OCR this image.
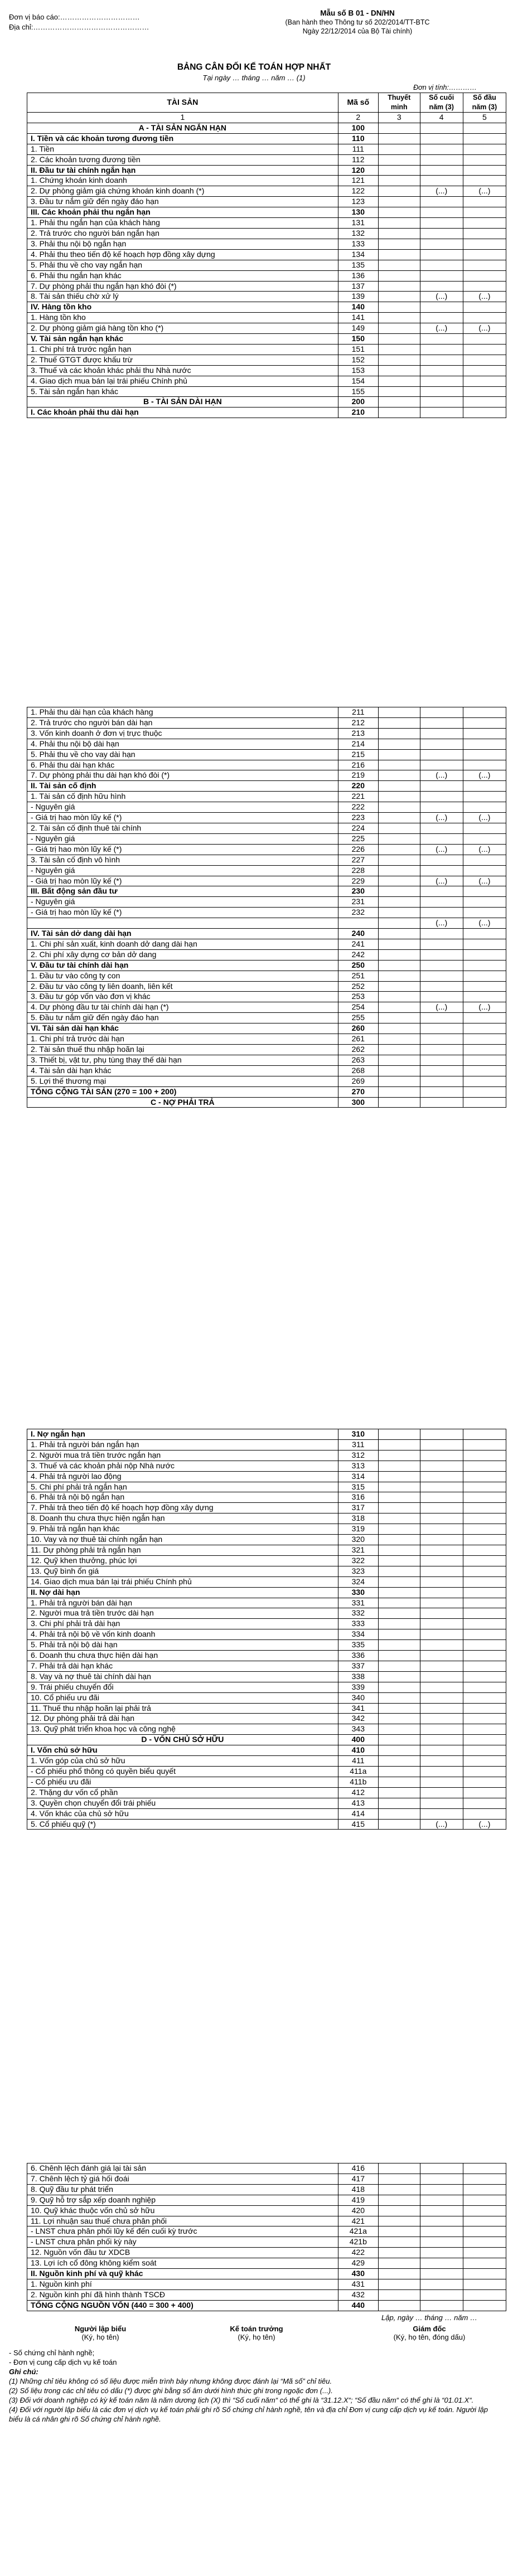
Đơn vị báo cáo:……………………………
Địa chỉ:…………………………………………
Mẫu số B 01 - DN/HN
(Ban hành theo Thông tư số 202/2014/TT-BTC
Ngày 22/12/2014 của Bộ Tài chính)
BẢNG CÂN ĐỐI KẾ TOÁN HỢP NHẤT
Tại ngày … tháng … năm … (1)
Đơn vị tính:…………
TÀI SẢN	Mã số	Thuyết	Số cuối	Số đầu
		minh	năm (3)	năm (3)
1	2	3	4	5
A - TÀI SẢN NGẮN HẠN	100			
I. Tiền và các khoản tương đương tiền	110			
1. Tiền	111			
2. Các khoản tương đương tiền	112			
II. Đầu tư tài chính ngắn hạn	120			
1. Chứng khoán kinh doanh	121			
2. Dự phòng giảm giá chứng khoán kinh doanh (*)	122		(...)	(...)
3. Đầu tư nắm giữ đến ngày đáo hạn	123			
III. Các khoản phải thu ngắn hạn	130			
1. Phải thu ngắn hạn của khách hàng	131			
2. Trả trước cho người bán ngắn hạn	132			
3. Phải thu nội bộ ngắn hạn	133			
4. Phải thu theo tiến độ kế hoạch hợp đồng xây dựng	134			
5. Phải thu về cho vay ngắn hạn	135			
6. Phải thu ngắn hạn khác	136			
7. Dự phòng phải thu ngắn hạn khó đòi (*)	137			
8. Tài sản thiếu chờ xử lý	139		(...)	(...)
IV. Hàng tồn kho	140			
1. Hàng tồn kho	141			
2. Dự phòng giảm giá hàng tồn kho (*)	149		(...)	(...)
V. Tài sản ngắn hạn khác	150			
1. Chi phí trả trước ngắn hạn	151			
2. Thuế GTGT được khấu trừ	152			
3. Thuế và các khoản khác phải thu Nhà nước	153			
4. Giao dịch mua bán lại trái phiếu Chính phủ	154			
5. Tài sản ngắn hạn khác	155			
B - TÀI SẢN DÀI HẠN	200			
I. Các khoản phải thu dài hạn	210			
1. Phải thu dài hạn của khách hàng	211			
2. Trả trước cho người bán dài hạn	212			
3. Vốn kinh doanh ở đơn vị trực thuộc	213			
4. Phải thu nội bộ dài hạn	214			
5. Phải thu về cho vay dài hạn	215			
6. Phải thu dài hạn khác	216			
7. Dự phòng phải thu dài hạn khó đòi (*)	219		(...)	(...)
II. Tài sản cố định	220			
1. Tài sản cố định hữu hình	221			
- Nguyên giá	222			
- Giá trị hao mòn lũy kế (*)	223		(...)	(...)
2. Tài sản cố định thuê tài chính	224			
- Nguyên giá	225			
- Giá trị hao mòn lũy kế (*)	226		(...)	(...)
3. Tài sản cố định vô hình	227			
- Nguyên giá	228			
- Giá trị hao mòn lũy kế (*)	229		(...)	(...)
III. Bất động sản đầu tư	230			
- Nguyên giá	231			
- Giá trị hao mòn lũy kế (*)	232			
			(...)	(...)
IV. Tài sản dở dang dài hạn	240			
1. Chi phí sản xuất, kinh doanh dở dang dài hạn	241			
2. Chi phí xây dựng cơ bản dở dang	242			
V. Đầu tư tài chính dài hạn	250			
1. Đầu tư vào công ty con	251			
2. Đầu tư vào công ty liên doanh, liên kết	252			
3. Đầu tư góp vốn vào đơn vị khác	253			
4. Dự phòng đầu tư tài chính dài hạn (*)	254		(...)	(...)
5. Đầu tư nắm giữ đến ngày đáo hạn	255			
VI. Tài sản dài hạn khác	260			
1. Chi phí trả trước dài hạn	261			
2. Tài sản thuế thu nhập hoãn lại	262			
3. Thiết bị, vật tư, phụ tùng thay thế dài hạn	263			
4. Tài sản dài hạn khác	268			
5. Lợi thế thương mại	269			
TỔNG CỘNG TÀI SẢN (270 = 100 + 200)	270			
C - NỢ PHẢI TRẢ	300			
I. Nợ ngắn hạn	310			
1. Phải trả người bán ngắn hạn	311			
2. Người mua trả tiền trước ngắn hạn	312			
3. Thuế và các khoản phải nộp Nhà nước	313			
4. Phải trả người lao động	314			
5. Chi phí phải trả ngắn hạn	315			
6. Phải trả nội bộ ngắn hạn	316			
7. Phải trả theo tiến độ kế hoạch hợp đồng xây dựng	317			
8. Doanh thu chưa thực hiện ngắn hạn	318			
9. Phải trả ngắn hạn khác	319			
10. Vay và nợ thuê tài chính ngắn hạn	320			
11. Dự phòng phải trả ngắn hạn	321			
12. Quỹ khen thưởng, phúc lợi	322			
13. Quỹ bình ổn giá	323			
14. Giao dịch mua bán lại trái phiếu Chính phủ	324			
II. Nợ dài hạn	330			
1. Phải trả người bán dài hạn	331			
2. Người mua trả tiền trước dài hạn	332			
3. Chi phí phải trả dài hạn	333			
4. Phải trả nội bộ về vốn kinh doanh	334			
5. Phải trả nội bộ dài hạn	335			
6. Doanh thu chưa thực hiện dài hạn	336			
7. Phải trả dài hạn khác	337			
8. Vay và nợ thuê tài chính dài hạn	338			
9. Trái phiếu chuyển đổi	339			
10. Cổ phiếu ưu đãi	340			
11. Thuế thu nhập hoãn lại phải trả	341			
12. Dự phòng phải trả dài hạn	342			
13. Quỹ phát triển khoa học và công nghệ	343			
D - VỐN CHỦ SỞ HỮU	400			
I. Vốn chủ sở hữu	410			
1. Vốn góp của chủ sở hữu	411			
- Cổ phiếu phổ thông có quyền biểu quyết	411a			
- Cổ phiếu ưu đãi	411b			
2. Thặng dư vốn cổ phần	412			
3. Quyền chọn chuyển đổi trái phiếu	413			
4. Vốn khác của chủ sở hữu	414			
5. Cổ phiếu quỹ (*)	415		(...)	(...)
6. Chênh lệch đánh giá lại tài sản	416			
7. Chênh lệch tỷ giá hối đoái	417			
8. Quỹ đầu tư phát triển	418			
9. Quỹ hỗ trợ sắp xếp doanh nghiệp	419			
10. Quỹ khác thuộc vốn chủ sở hữu	420			
11. Lợi nhuận sau thuế chưa phân phối	421			
- LNST chưa phân phối lũy kế đến cuối kỳ trước	421a			
- LNST chưa phân phối kỳ này	421b			
12. Nguồn vốn đầu tư XDCB	422			
13. Lợi ích cổ đông không kiểm soát	429			
II. Nguồn kinh phí và quỹ khác	430			
1. Nguồn kinh phí	431			
2. Nguồn kinh phí đã hình thành TSCĐ	432			
TỔNG CỘNG NGUỒN VỐN (440 = 300 + 400)	440			
Lập, ngày … tháng … năm …
Người lập biểu
(Ký, họ tên)
Kế toán trưởng
(Ký, họ tên)
Giám đốc
(Ký, họ tên, đóng dấu)
- Số chứng chỉ hành nghề;
- Đơn vị cung cấp dịch vụ kế toán
Ghi chú:
(1) Những chỉ tiêu không có số liệu được miễn trình bày nhưng không được đánh lại “Mã số” chỉ tiêu.
(2) Số liệu trong các chỉ tiêu có dấu (*) được ghi bằng số âm dưới hình thức ghi trong ngoặc đơn (...).
(3) Đối với doanh nghiệp có kỳ kế toán năm là năm dương lịch (X) thì “Số cuối năm“ có thể ghi là “31.12.X“; “Số đầu năm“ có thể ghi là “01.01.X“.
(4) Đối với người lập biểu là các đơn vị dịch vụ kế toán phải ghi rõ Số chứng chỉ hành nghề, tên và địa chỉ Đơn vị cung cấp dịch vụ kế toán. Người lập biểu là cá nhân ghi rõ Số chứng chỉ hành nghề.
